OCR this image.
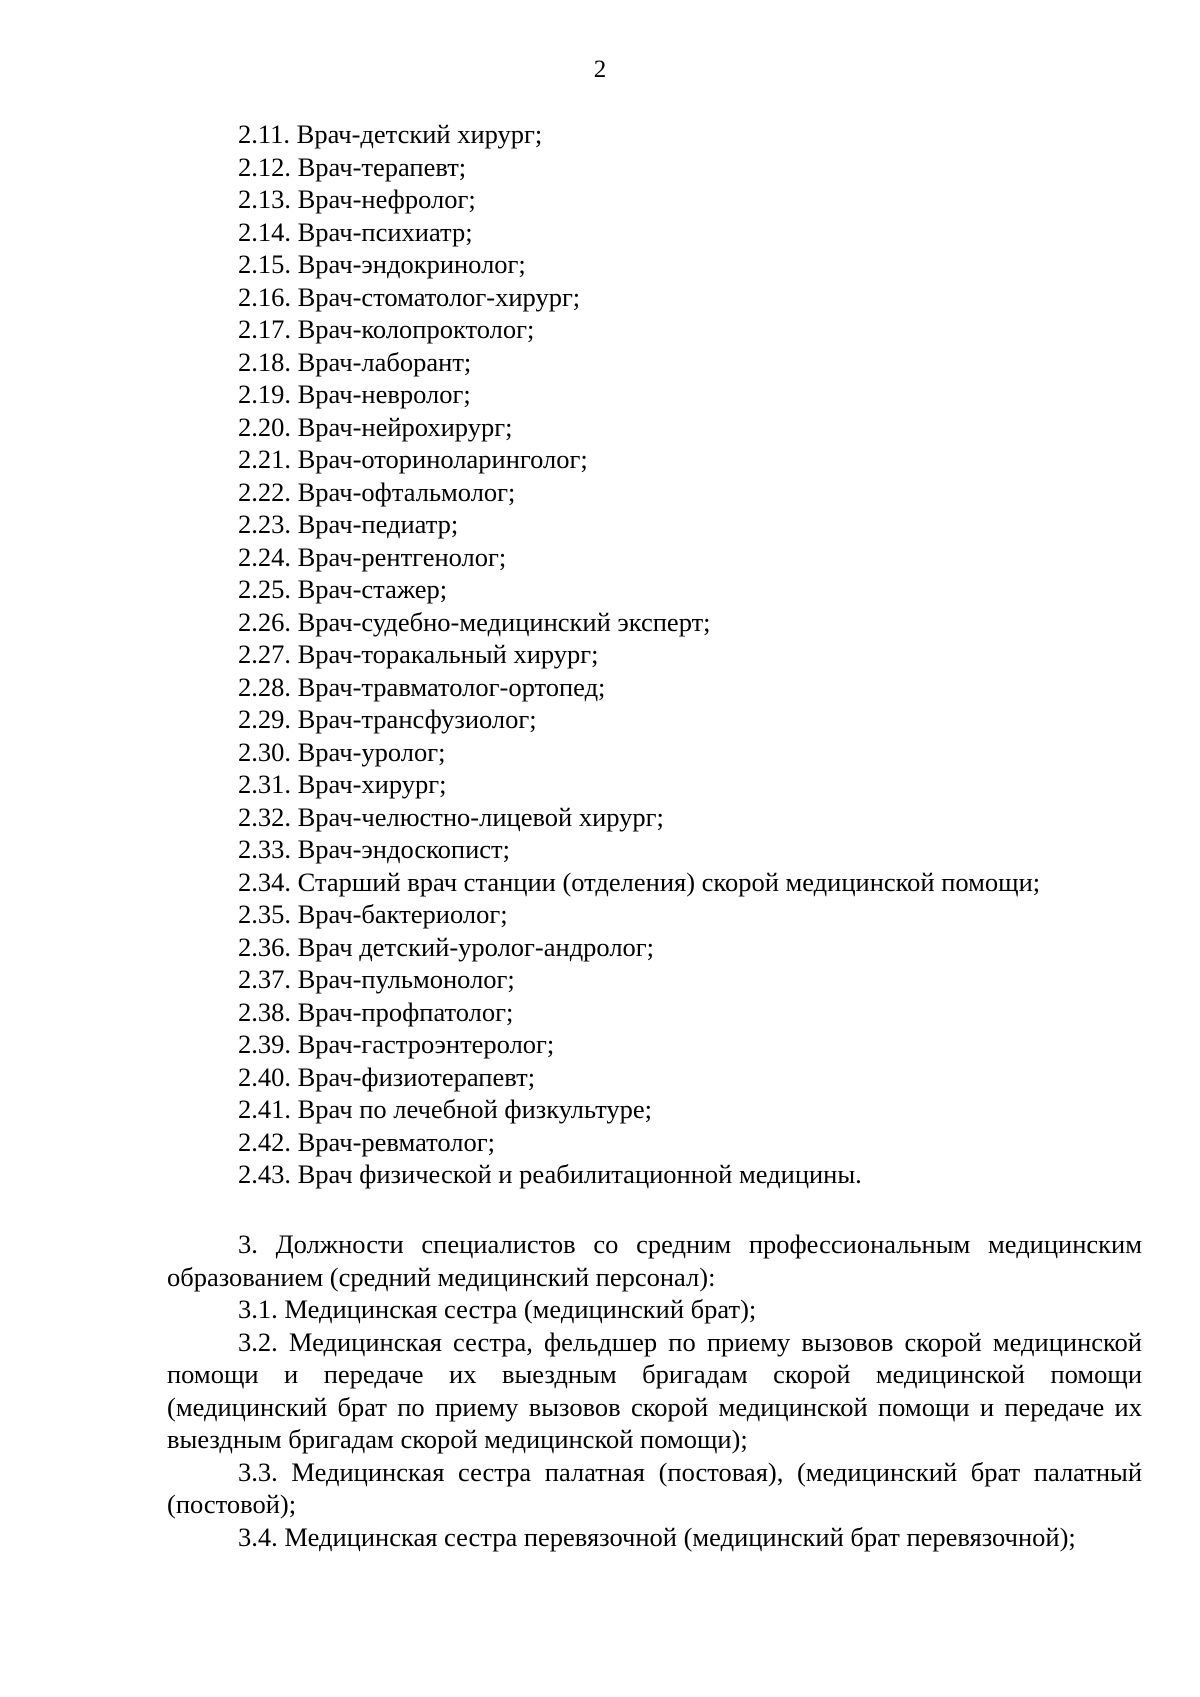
2
2.11. Врач-детский хирург;
2.12. Врач-терапевт;
2.13. Врач-нефролог;
2.14. Врач-психиатр;
2.15. Врач-эндокринолог;
2.16. Врач-стоматолог-хирург;
2.17. Врач-колопроктолог;
2.18. Врач-лаборант;
2.19. Врач-невролог;
2.20. Врач-нейрохирург;
2.21. Врач-оториноларинголог;
2.22. Врач-офтальмолог;
2.23. Врач-педиатр;
2.24. Врач-рентгенолог;
2.25. Врач-стажер;
2.26. Врач-судебно-медицинский эксперт;
2.27. Врач-торакальный хирург;
2.28. Врач-травматолог-ортопед;
2.29. Врач-трансфузиолог;
2.30. Врач-уролог;
2.31. Врач-хирург;
2.32. Врач-челюстно-лицевой хирург;
2.33. Врач-эндоскопист;
2.34. Старший врач станции (отделения) скорой медицинской помощи;
2.35. Врач-бактериолог;
2.36. Врач детский-уролог-андролог;
2.37. Врач-пульмонолог;
2.38. Врач-профпатолог;
2.39. Врач-гастроэнтеролог;
2.40. Врач-физиотерапевт;
2.41. Врач по лечебной физкультуре;
2.42. Врач-ревматолог;
2.43. Врач физической и реабилитационной медицины.

3. Должности специалистов со средним профессиональным медицинским образованием (средний медицинский персонал):

3.1. Медицинская сестра (медицинский брат);

3.2. Медицинская сестра, фельдшер по приему вызовов скорой медицинской помощи и передаче их выездным бригадам скорой медицинской помощи (медицинский брат по приему вызовов скорой медицинской помощи и передаче их выездным бригадам скорой медицинской помощи);

3.3. Медицинская сестра палатная (постовая), (медицинский брат палатный (постовой);

3.4. Медицинская сестра перевязочной (медицинский брат перевязочной);
